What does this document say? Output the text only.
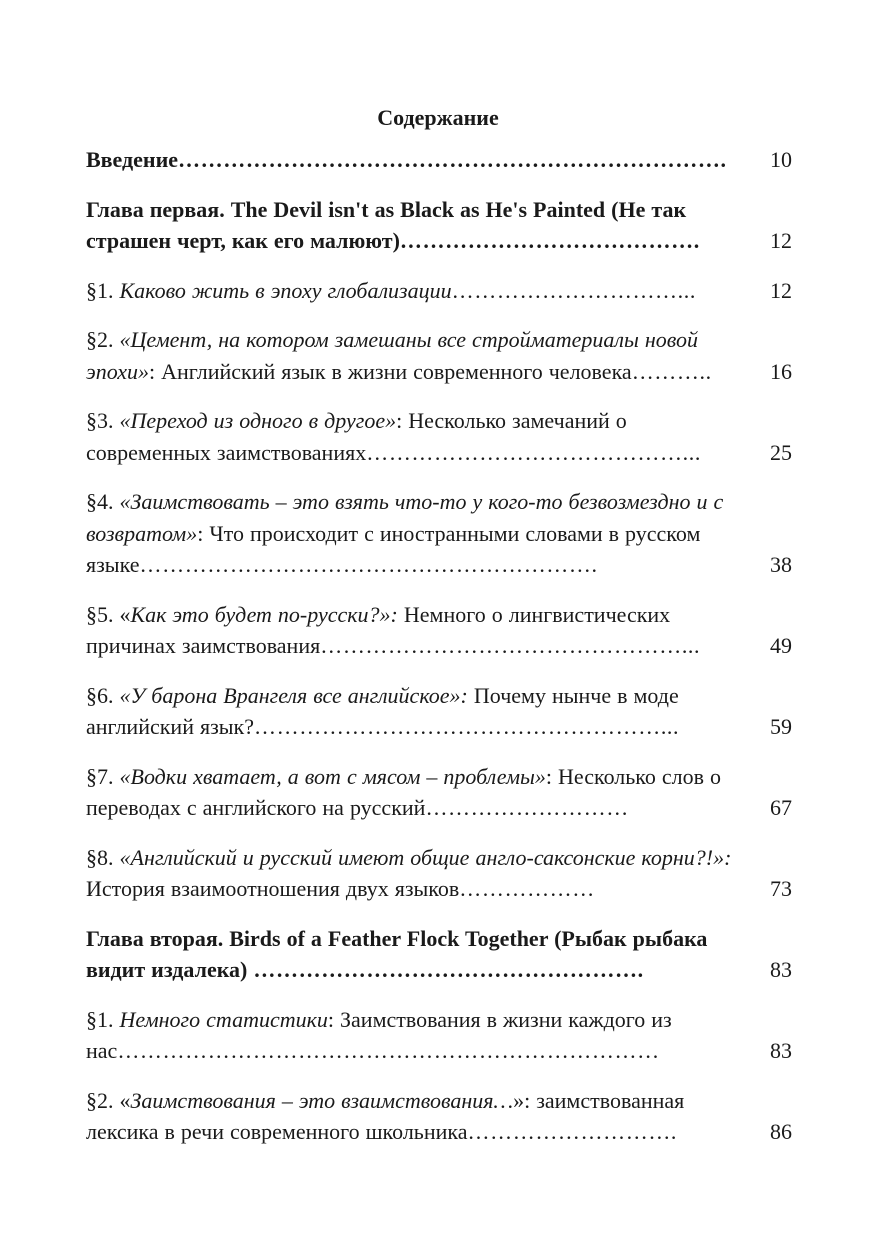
Содержание
Введение……………………………………………………………….	10
Глава первая. The Devil isn't as Black as He's Painted (Не так страшен черт, как его малюют)………………………………….	12
§1. Каково жить в эпоху глобализации…………………………...	12
§2. «Цемент, на котором замешаны все стройматериалы новой эпохи»: Английский язык в жизни современного человека………..	16
§3. «Переход из одного в другое»: Несколько замечаний о современных заимствованиях……………………………………...	25
§4. «Заимствовать – это взять что-то у кого-то безвозмездно и с возвратом»: Что происходит с иностранными словами в русском языке…………………………………………………….	38
§5. «Как это будет по-русски?»: Немного о лингвистических причинах заимствования…………………………………………...	49
§6. «У барона Врангеля все английское»: Почему нынче в моде английский язык?………………………………………………...	59
§7. «Водки хватает, а вот с мясом – проблемы»: Несколько слов о переводах с английского на русский………………………	67
§8. «Английский и русский имеют общие англо-саксонские корни?!»: История взаимоотношения двух языков………………	73
Глава вторая. Birds of a Feather Flock Together (Рыбак рыбака видит издалека) …………………………………………….	83
§1. Немного статистики: Заимствования в жизни каждого из нас………………………………………………………………	83
§2. «Заимствования – это взаимствования…»: заимствованная лексика в речи современного школьника……………………….	86
